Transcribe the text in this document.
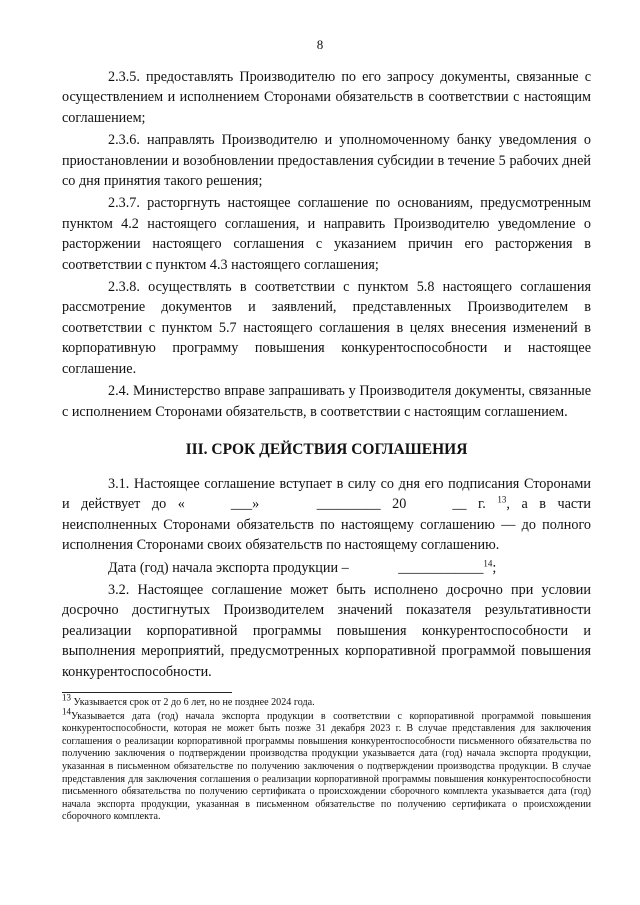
8

2.3.5. предоставлять Производителю по его запросу документы, связанные с осуществлением и исполнением Сторонами обязательств в соответствии с настоящим соглашением;

2.3.6. направлять Производителю и уполномоченному банку уведомления о приостановлении и возобновлении предоставления субсидии в течение 5 рабочих дней со дня принятия такого решения;

2.3.7. расторгнуть настоящее соглашение по основаниям, предусмотренным пунктом 4.2 настоящего соглашения, и направить Производителю уведомление о расторжении настоящего соглашения с указанием причин его расторжения в соответствии с пунктом 4.3 настоящего соглашения;

2.3.8. осуществлять в соответствии с пунктом 5.8 настоящего соглашения рассмотрение документов и заявлений, представленных Производителем в соответствии с пунктом 5.7 настоящего соглашения в целях внесения изменений в корпоративную программу повышения конкурентоспособности и настоящее соглашение.

2.4. Министерство вправе запрашивать у Производителя документы, связанные с исполнением Сторонами обязательств, в соответствии с настоящим соглашением.

III. СРОК ДЕЙСТВИЯ СОГЛАШЕНИЯ

3.1. Настоящее соглашение вступает в силу со дня его подписания Сторонами и действует до «	___»	_________ 20	__ г. $^{13}$, а в части неисполненных Сторонами обязательств по настоящему соглашению — до полного исполнения Сторонами своих обязательств по настоящему соглашению.

Дата (год) начала экспорта продукции –	____________$^{14}$;

3.2. Настоящее соглашение может быть исполнено досрочно при условии досрочно достигнутых Производителем значений показателя результативности реализации корпоративной программы повышения конкурентоспособности и выполнения мероприятий, предусмотренных корпоративной программой повышения конкурентоспособности.

$^{13}$ Указывается срок от 2 до 6 лет, но не позднее 2024 года.

$^{14}$Указывается дата (год) начала экспорта продукции в соответствии с корпоративной программой повышения конкурентоспособности, которая не может быть позже 31 декабря 2023 г. В случае представления для заключения соглашения о реализации корпоративной программы повышения конкурентоспособности письменного обязательства по получению заключения о подтверждении производства продукции указывается дата (год) начала экспорта продукции, указанная в письменном обязательстве по получению заключения о подтверждении производства продукции. В случае представления для заключения соглашения о реализации корпоративной программы повышения конкурентоспособности письменного обязательства по получению сертификата о происхождении сборочного комплекта указывается дата (год) начала экспорта продукции, указанная в письменном обязательстве по получению сертификата о происхождении сборочного комплекта.
